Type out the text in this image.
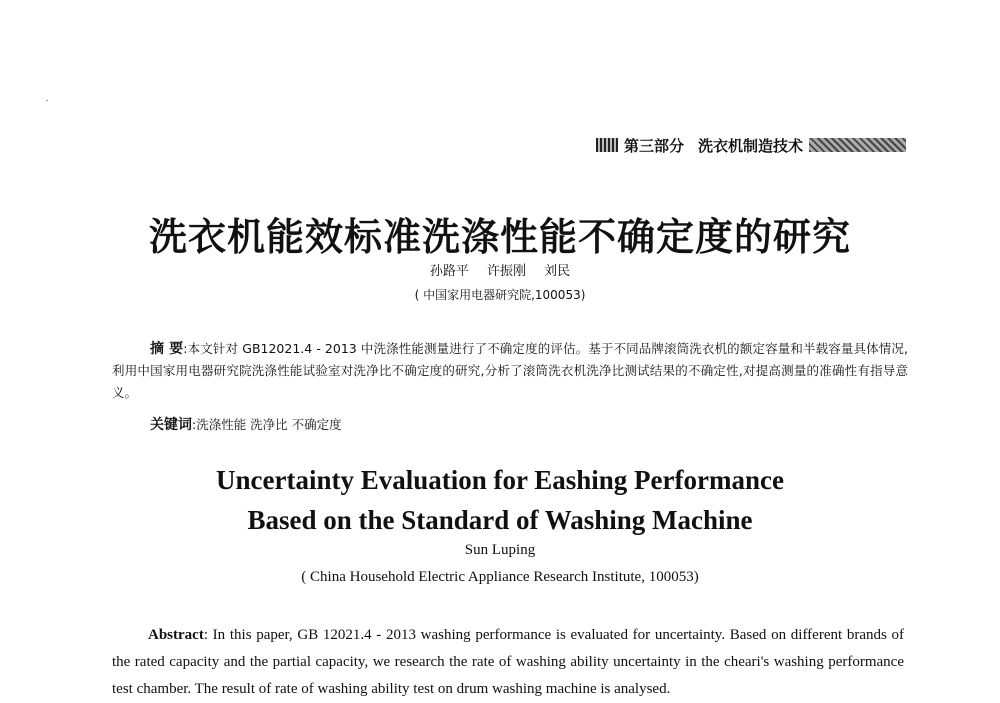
第三部分 洗衣机制造技术
洗衣机能效标准洗涤性能不确定度的研究
孙路平 许振刚 刘民
( 中国家用电器研究院,100053)
摘 要:本文针对 GB12021.4 - 2013 中洗涤性能测量进行了不确定度的评估。基于不同品牌滚筒洗衣机的额定容量和半载容量具体情况,利用中国家用电器研究院洗涤性能试验室对洗净比不确定度的研究,分析了滚筒洗衣机洗净比测试结果的不确定性,对提高测量的准确性有指导意义。
关键词:洗涤性能 洗净比 不确定度
Uncertainty Evaluation for Eashing Performance
Based on the Standard of Washing Machine
Sun Luping
( China Household Electric Appliance Research Institute, 100053)
Abstract: In this paper, GB 12021.4 - 2013 washing performance is evaluated for uncertainty. Based on different brands of the rated capacity and the partial capacity, we research the rate of washing ability uncertainty in the cheari's washing performance test chamber. The result of rate of washing ability test on drum washing machine is analysed.
